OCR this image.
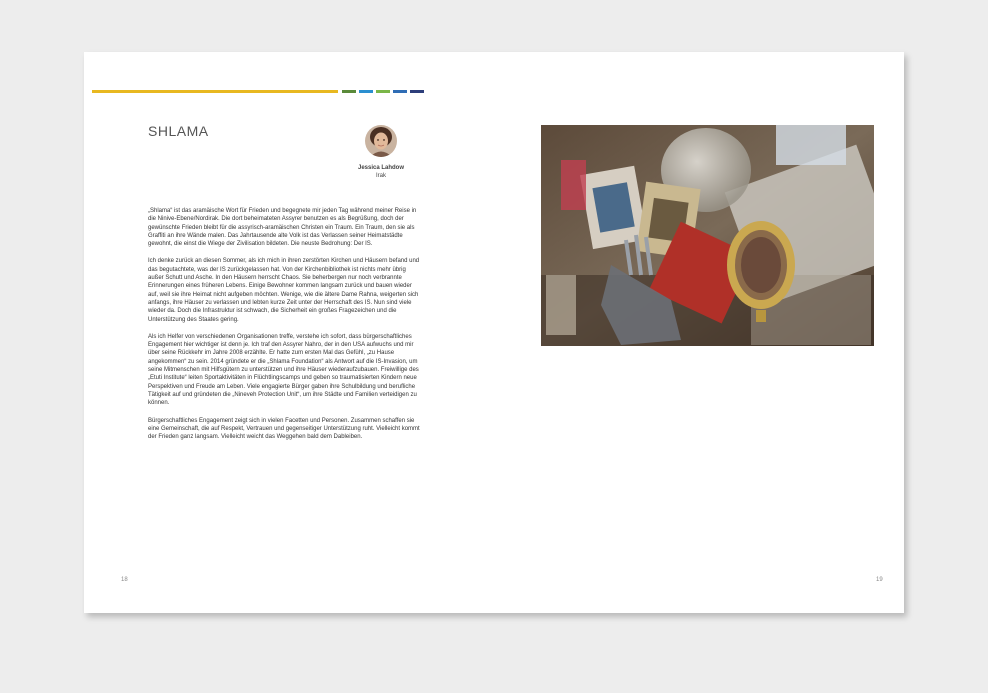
SHLAMA
Jessica Lahdow
Irak

„Shlama“ ist das aramäische Wort für Frieden und begegnete mir jeden Tag während meiner Reise in die Ninive-Ebene/Nordirak. Die dort beheimateten Assyrer benutzen es als Begrüßung, doch der gewünschte Frieden bleibt für die assyrisch-aramäischen Christen ein Traum. Ein Traum, den sie als Graffiti an ihre Wände malen. Das Jahrtausende alte Volk ist das Verlassen seiner Heimatstädte gewohnt, die einst die Wiege der Zivilisation bildeten. Die neuste Bedrohung: Der IS.

Ich denke zurück an diesen Sommer, als ich mich in ihren zerstörten Kirchen und Häusern befand und das begutachtete, was der IS zurückgelassen hat. Von der Kirchenbibliothek ist nichts mehr übrig außer Schutt und Asche. In den Häusern herrscht Chaos. Sie beherbergen nur noch verbrannte Erinnerungen eines früheren Lebens. Einige Bewohner kommen langsam zurück und bauen wieder auf, weil sie ihre Heimat nicht aufgeben möchten. Wenige, wie die ältere Dame Rahna, weigerten sich anfangs, ihre Häuser zu verlassen und lebten kurze Zeit unter der Herrschaft des IS. Nun sind viele wieder da. Doch die Infrastruktur ist schwach, die Sicherheit ein großes Fragezeichen und die Unterstützung des Staates gering.

Als ich Helfer von verschiedenen Organisationen treffe, verstehe ich sofort, dass bürgerschaftliches Engagement hier wichtiger ist denn je. Ich traf den Assyrer Nahro, der in den USA aufwuchs und mir über seine Rückkehr im Jahre 2008 erzählte. Er hatte zum ersten Mal das Gefühl, „zu Hause angekommen“ zu sein. 2014 gründete er die „Shlama Foundation“ als Antwort auf die IS-Invasion, um seine Mitmenschen mit Hilfsgütern zu unterstützen und ihre Häuser wiederaufzubauen. Freiwillige des „Etuti Institute“ leiten Sportaktivitäten in Flüchtlingscamps und geben so traumatisierten Kindern neue Perspektiven und Freude am Leben. Viele engagierte Bürger gaben ihre Schulbildung und berufliche Tätigkeit auf und gründeten die „Nineveh Protection Unit“, um ihre Städte und Familien verteidigen zu können.

Bürgerschaftliches Engagement zeigt sich in vielen Facetten und Personen. Zusammen schaffen sie eine Gemeinschaft, die auf Respekt, Vertrauen und gegenseitiger Unterstützung ruht. Vielleicht kommt der Frieden ganz langsam. Vielleicht weicht das Weggehen bald dem Dableiben.

18	19
